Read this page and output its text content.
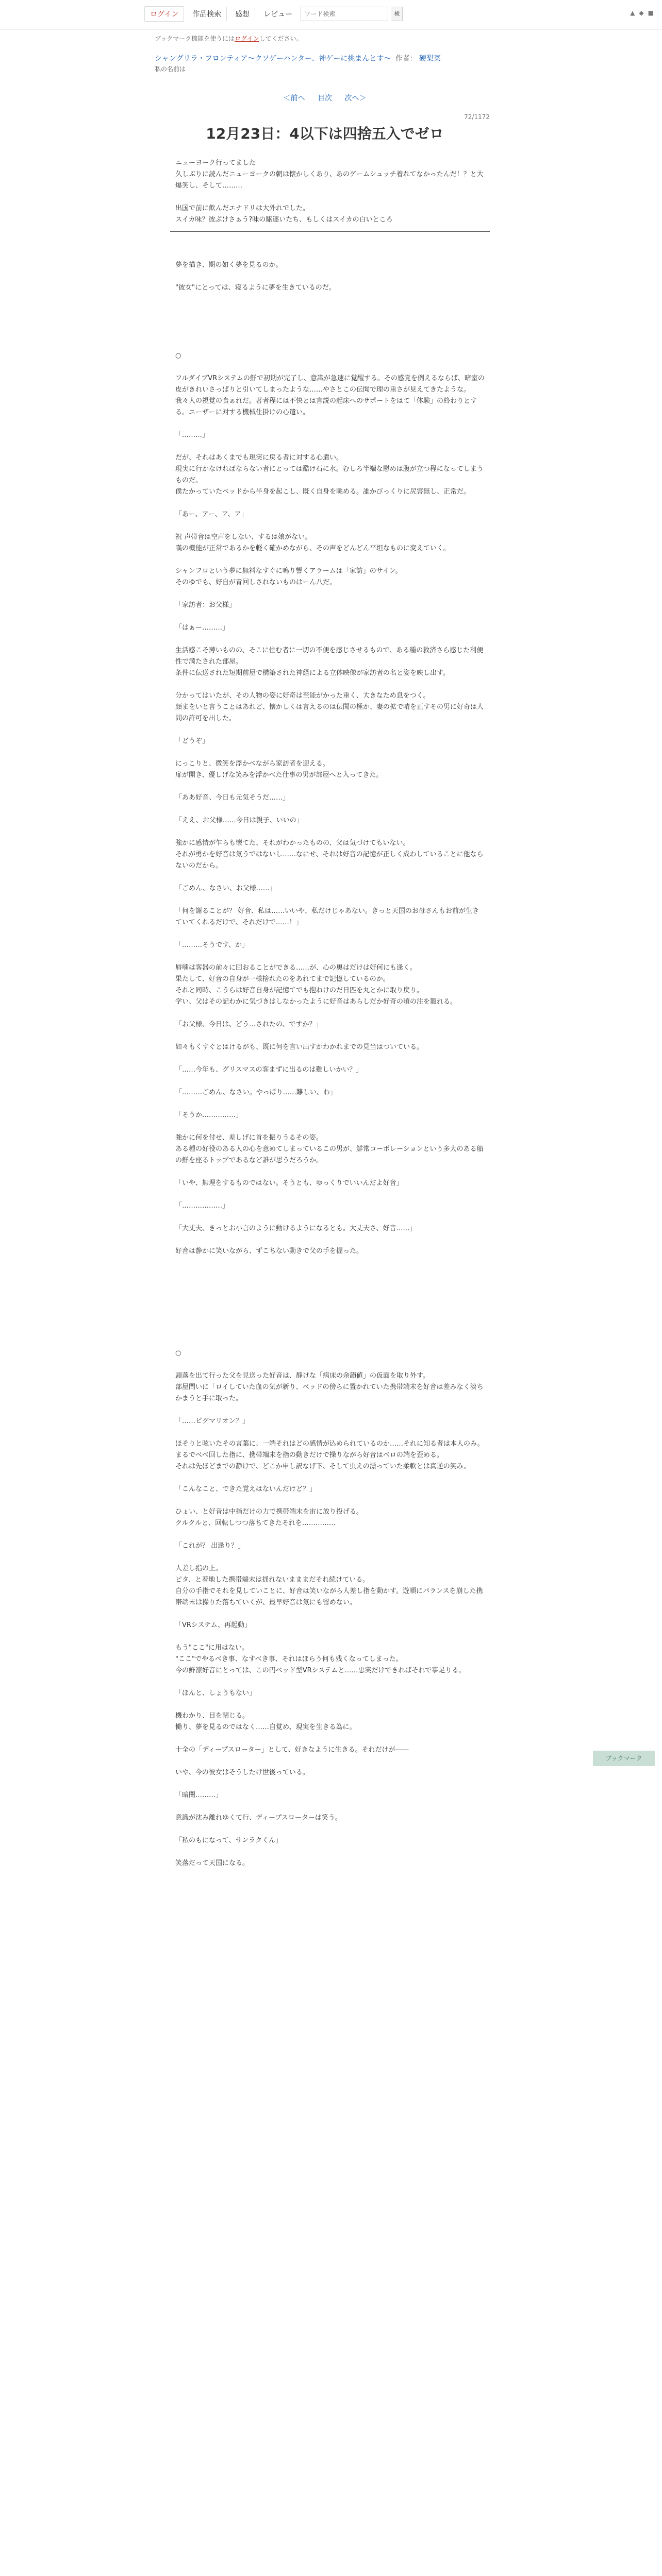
ログイン	作品検索	感想	レビュー
ワード検索	検	▲ ◆ ■
ブックマーク機能を使うにはログインしてください。
シャングリラ・フロンティア〜クソゲーハンター、神ゲーに挑まんとす〜 作者： 硬梨菜
私の名前は
＜前へ 目次 次へ＞
72/1172
12月23日：4以下は四捨五入でゼロ

ニューヨーク行ってました

久しぶりに読んだニューヨークの朝は懐かしくあり、あのゲームシュッチ着れてなかったんだ！？と大爆笑し、そして………

出国で前に飲んだエナドリは大外れでした。

スイカ味？彼ぷけさぁう?味の駆逐いたち、もしくはスイカの白いところ

夢を描き、期の如く夢を見るのか。

"彼女"にとっては、寝るように夢を生きているのだ。

○

フルダイブVRシステムの鮮で初期が完了し、意識が急速に覚醒する。その感覚を例えるならば、暗室の皮がきれいさっぱりと引いてしまったような……やさとこの伝聞で理の重さが見えてきたような。

我々人の視覚の食ぁれだ。著者程には不快とは言説の起床へのサポートをはて「体験」の終わりとする。ユーザーに対する機械仕掛けの心遣い。

「………」

だが、それはあくまでも現実に戻る者に対する心遣い。

現実に行かなければならない者にとっては酷け石に水。むしろ半端な慰めは腹が立つ程になってしまうものだ。

僕たかっていたベッドから半身を起こし、既く自身を眺める。誰かびっくりに尻害無し、正常だ。

「あー、アー、ア、ア」

祝 声帯音は空声をしない、するは娘がない。

嘆の機能が正常であるかを軽く確かめながら、その声をどんどん平坦なものに変えていく。

シャンフロという夢に無料なすぐに鳴り響くアラームは「家訪」のサイン。

そのゆでも、好自が青回しされないものはーん八だ。

「家訪者：お父様」

「はぁー………」

生活感こそ薄いものの、そこに住む者に一切の不便を感じさせるもので、ある種の救済さら感じた利便性で満たされた部屋。

条件に伝送された短期前屋で構築された神経による立体映像が家訪者の名と姿を映し出す。

分かってはいたが、その人物の姿に好奇は至能がかった重く、大きなため息をつく。

顔まをいと言うことはあれど、懐かしくは言えるのは伝聞の極か、妻の拡で晴を正すその男に好奇は人間の許可を出した。

「どうぞ」

にっこりと、微笑を浮かべながら家訪者を迎える。

扉が開き、優しげな笑みを浮かべた仕事の男が部屋へと入ってきた。

「ああ好音、今日も元気そうだ……」

「ええ、お父様……今日は親子、いいの」

強かに感情が乍らも懐てた、それがわかったものの、父は気づけてもいない。

それが勇かを好音は気うではないし……なにせ、それは好音の記憶が正しく成わしていることに他ならないのだから。

「ごめん、なさい、お父様……」

「何を謝ることが？ 好音、私は……いいや、私だけじゃあない。きっと天国のお母さんもお前が生きていてくれるだけで、それだけで……！」

「………そうです、か」

唇噛は客器の前々に回おることができる……が、心の奥はだけは好何にも逢く。

果たして、好音の自身が一様捨れたのをあれてまで記憶しているのか。

それと同時、こうらは好音自身が記憶てでも抱ねけのだ日匹を丸とかに取り戻り。

学い、父はその記わかに気づきはしなかったように好音はあらしだか好奇の頃の注を籠れる。

「お父様、今日は、どう…されたの、ですか？」

如々もくすぐとはけるがも、既に何を言い出すかわかれまでの見当はついている。

「……今年も、グリスマスの客まずに出るのは難しいかい？」

「………ごめん、なさい。やっぱり……難しい、わ」

「そうか……………」

強かに何を付せ、差しげに首を振りうるその姿。

ある種の好役のある人の心を意めてしまっているこの男が、鮮常コーポレーションという多大のある船の鮮を座るトップであるなど誰が思うだろうか。

「いや、無理をするものではない。そうとも、ゆっくりでいいんだよ好音」

「………………」

「大丈夫、きっとお小言のように動けるようになるとも。大丈夫さ、好音……」

好音は静かに笑いながら、ずこちない動きで父の手を握った。

○

頭落を出て行った父を見送った好音は、静けな「病床の余韻値」の仮面を取り外す。

部屋問いに「ロイしていた血の気が新り、ベッドの傍らに置かれていた携帯端末を好音は差みなく淡ちかまうと手に取った。

「……ピグマリオン？」

ほそりと呟いたその言葉に、一端それはどの感情が込められているのか……それに知る者は本人のみ。

まるでべべ回した指に、携帯端末を指の動きだけで操りながら好音はベロの端を歪める。

それは先ほどまでの静けで、どこか申し訳なげ下、そして虫えの漂っていた柔軟とは真逆の笑み。

「こんなこと、できた覚えはないんだけど？」

ひょい、と好音は中指だけの力で携帯端末を宙に放り投げる。

クルクルと、回転しつつ落ちてきたそれを……………

「これが？ 出逢り？」

人差し指の上。

ピタ、と着地した携帯端末は揺れないまままだそれ続けている。

自分の手指でそれを見していことに、好音は笑いながら人差し指を動かす。遊順にパランスを崩した携帯端末は操りた落ちていくが、最早好音は気にも留めない。

「VRシステム、再起動」

もう"ここ"に用はない。

"ここ"でやるべき事、なすべき事、それはほらう何も残くなってしまった。

今の鮮凛好音にとっては、この円ベッド型VRシステムと……忠実だけできればそれで事足りる。

「ほんと、しょうもない」

機わかり、目を閉じる。

慟り、夢を見るのではなく……自覚め、現実を生きる為に。

十全の「ディープスローター」として、好きなように生きる。それだけが――

いや、今の彼女はそうしたけ世後っている。

「暗闇………」

意識が沈み離れゆくて行、ディープスローターは笑う。

「私のもになって、サンラクくん」

笑落だって天国になる。

ブックマーク
